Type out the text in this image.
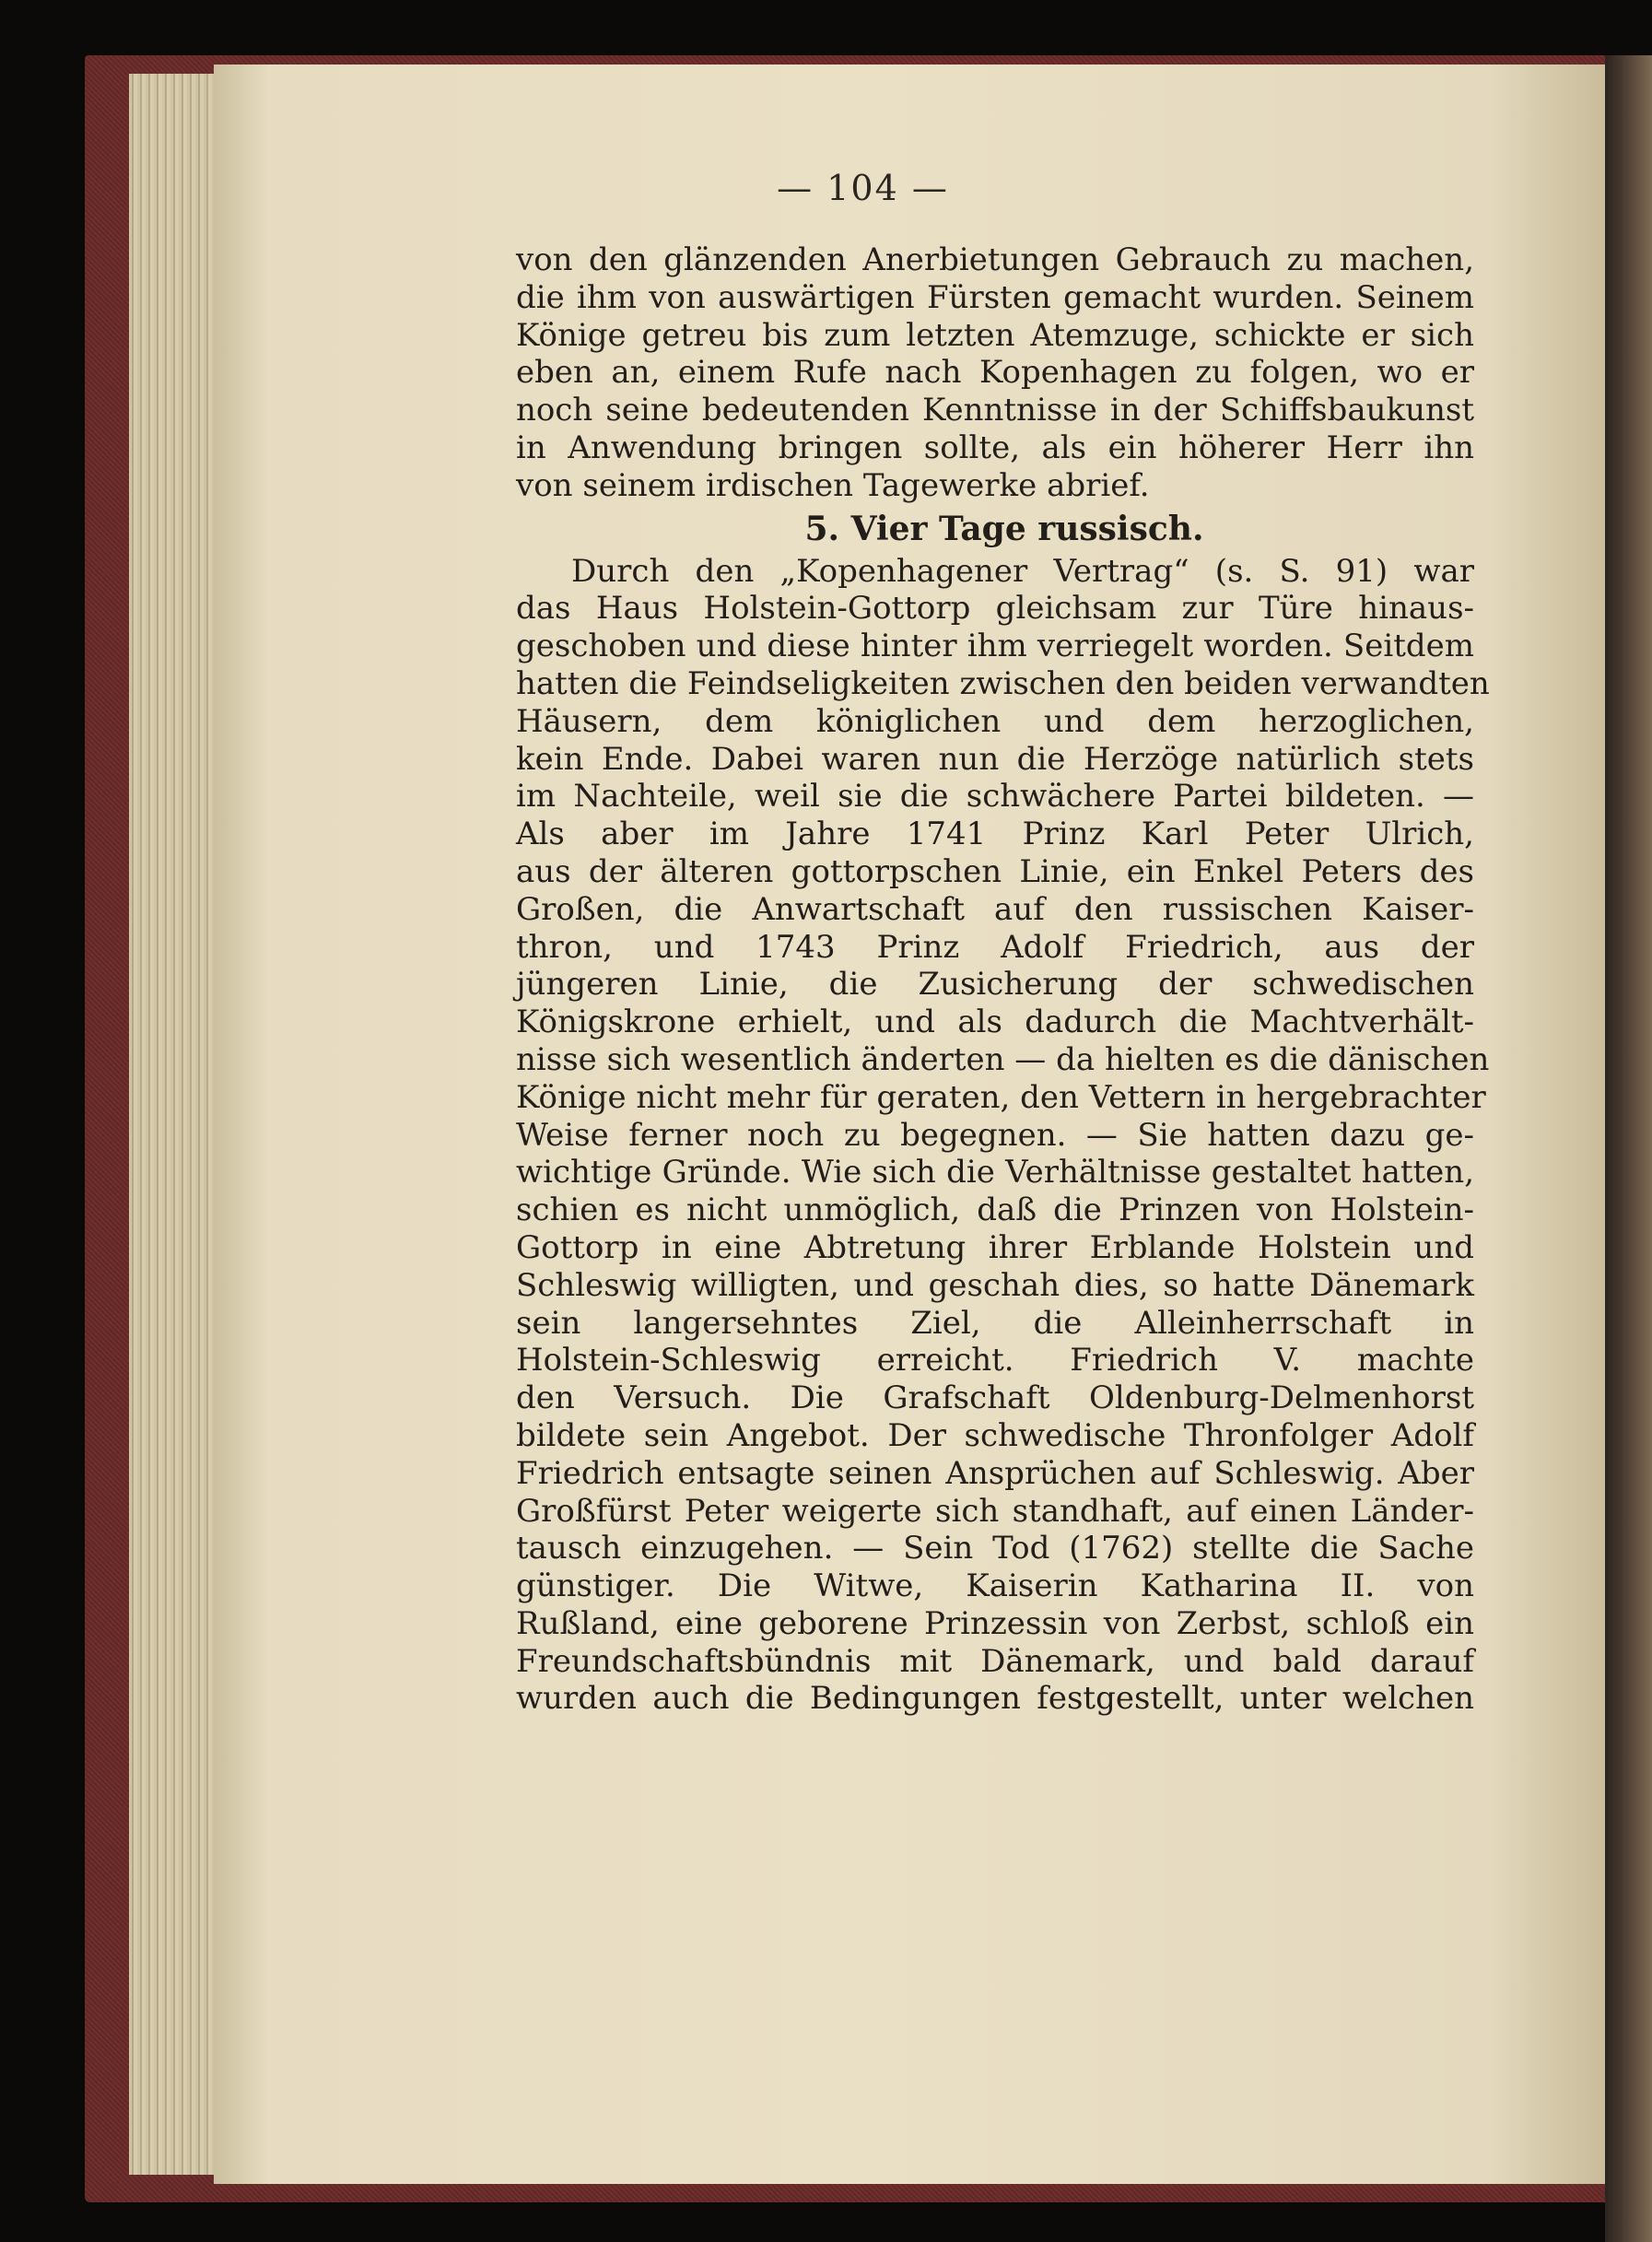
— 104 —
von den glänzenden Anerbietungen Gebrauch zu machen,
die ihm von auswärtigen Fürsten gemacht wurden. Seinem
Könige getreu bis zum letzten Atemzuge, schickte er sich
eben an, einem Rufe nach Kopenhagen zu folgen, wo er
noch seine bedeutenden Kenntnisse in der Schiffsbaukunst
in Anwendung bringen sollte, als ein höherer Herr ihn
von seinem irdischen Tagewerke abrief.
5. Vier Tage russisch.
Durch den „Kopenhagener Vertrag“ (s. S. 91) war
das Haus Holstein-Gottorp gleichsam zur Türe hinaus-
geschoben und diese hinter ihm verriegelt worden. Seitdem
hatten die Feindseligkeiten zwischen den beiden verwandten
Häusern, dem königlichen und dem herzoglichen,
kein Ende. Dabei waren nun die Herzöge natürlich stets
im Nachteile, weil sie die schwächere Partei bildeten. —
Als aber im Jahre 1741 Prinz Karl Peter Ulrich,
aus der älteren gottorpschen Linie, ein Enkel Peters des
Großen, die Anwartschaft auf den russischen Kaiser-
thron, und 1743 Prinz Adolf Friedrich, aus der
jüngeren Linie, die Zusicherung der schwedischen
Königskrone erhielt, und als dadurch die Machtverhält-
nisse sich wesentlich änderten — da hielten es die dänischen
Könige nicht mehr für geraten, den Vettern in hergebrachter
Weise ferner noch zu begegnen. — Sie hatten dazu ge-
wichtige Gründe. Wie sich die Verhältnisse gestaltet hatten,
schien es nicht unmöglich, daß die Prinzen von Holstein-
Gottorp in eine Abtretung ihrer Erblande Holstein und
Schleswig willigten, und geschah dies, so hatte Dänemark
sein langersehntes Ziel, die Alleinherrschaft in
Holstein-Schleswig erreicht. Friedrich V. machte
den Versuch. Die Grafschaft Oldenburg-Delmenhorst
bildete sein Angebot. Der schwedische Thronfolger Adolf
Friedrich entsagte seinen Ansprüchen auf Schleswig. Aber
Großfürst Peter weigerte sich standhaft, auf einen Länder-
tausch einzugehen. — Sein Tod (1762) stellte die Sache
günstiger. Die Witwe, Kaiserin Katharina II. von
Rußland, eine geborene Prinzessin von Zerbst, schloß ein
Freundschaftsbündnis mit Dänemark, und bald darauf
wurden auch die Bedingungen festgestellt, unter welchen
